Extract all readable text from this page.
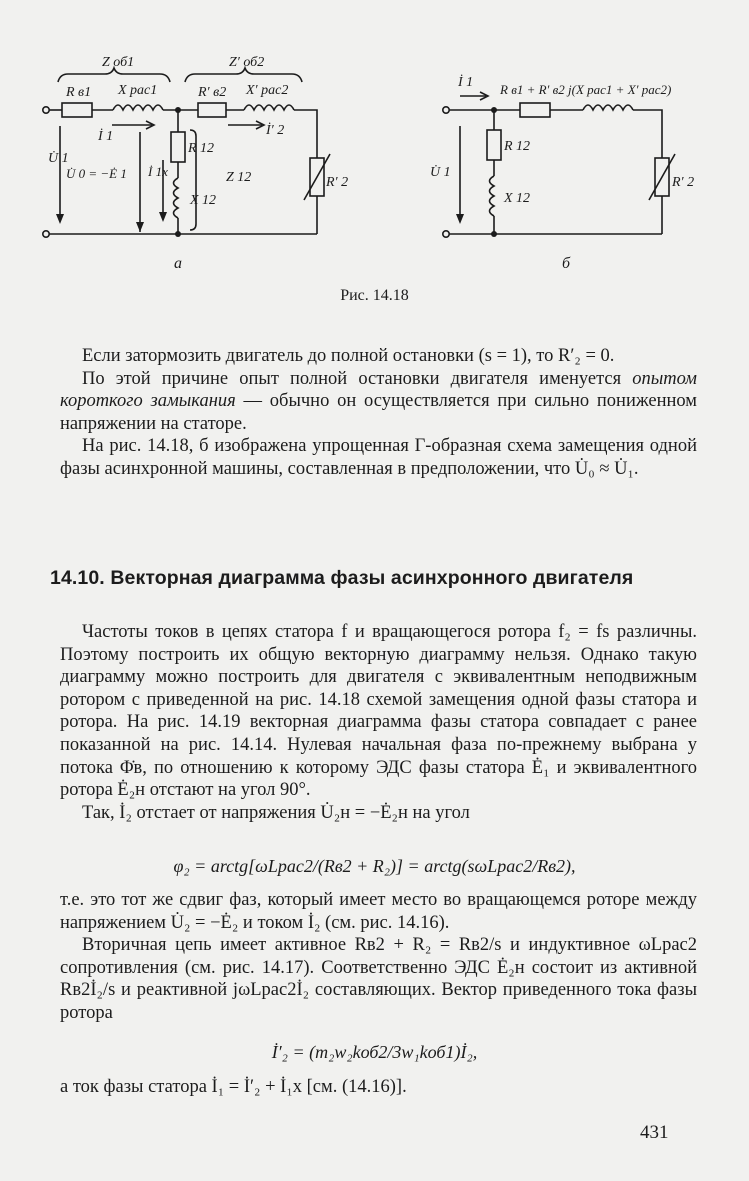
Z об1	Z′ об2
R в1 X рас1	R′ в2 X′ рас2
İ 1	İ′ 2
U̇ 1
U̇ 0 = −Ė 1 İ 1x
R 12
X 12
Z 12	R′ 2
а
İ 1 R в1 + R′ в2 j(X рас1 + X′ рас2)
U̇ 1
R 12
X 12
R′ 2
б
Рис. 14.18

Если затормозить двигатель до полной остановки (s = 1), то R′₂ = 0.

По этой причине опыт полной остановки двигателя именуется опытом короткого замыкания — обычно он осуществляется при сильно пониженном напряжении на статоре.

На рис. 14.18, б изображена упрощенная Г-образная схема замещения одной фазы асинхронной машины, составленная в предположении, что U̇₀ ≈ U̇₁.

14.10. Векторная диаграмма фазы асинхронного двигателя

Частоты токов в цепях статора f и вращающегося ротора f₂ = fs различны. Поэтому построить их общую векторную диаграмму нельзя. Однако такую диаграмму можно построить для двигателя с эквивалентным неподвижным ротором с приведенной на рис. 14.18 схемой замещения одной фазы статора и ротора. На рис. 14.19 векторная диаграмма фазы статора совпадает с ранее показанной на рис. 14.14. Нулевая начальная фаза по-прежнему выбрана у потока Φ̇в, по отношению к которому ЭДС фазы статора Ė₁ и эквивалентного ротора Ė₂н отстают на угол 90°.

Так, İ₂ отстает от напряжения U̇₂н = −Ė₂н на угол

φ₂ = arctg[ωLрас2/(Rв2 + R₂)] = arctg(sωLрас2/Rв2),

т.е. это тот же сдвиг фаз, который имеет место во вращающемся роторе между напряжением U̇₂ = −Ė₂ и током İ₂ (см. рис. 14.16).

Вторичная цепь имеет активное Rв2 + R₂ = Rв2/s и индуктивное ωLрас2 сопротивления (см. рис. 14.17). Соответственно ЭДС Ė₂н состоит из активной Rв2İ₂/s и реактивной jωLрас2İ₂ составляющих. Вектор приведенного тока фазы ротора

İ′₂ = (m₂w₂kоб2/3w₁kоб1)İ₂,

а ток фазы статора İ₁ = İ′₂ + İ₁x [см. (14.16)].

431
